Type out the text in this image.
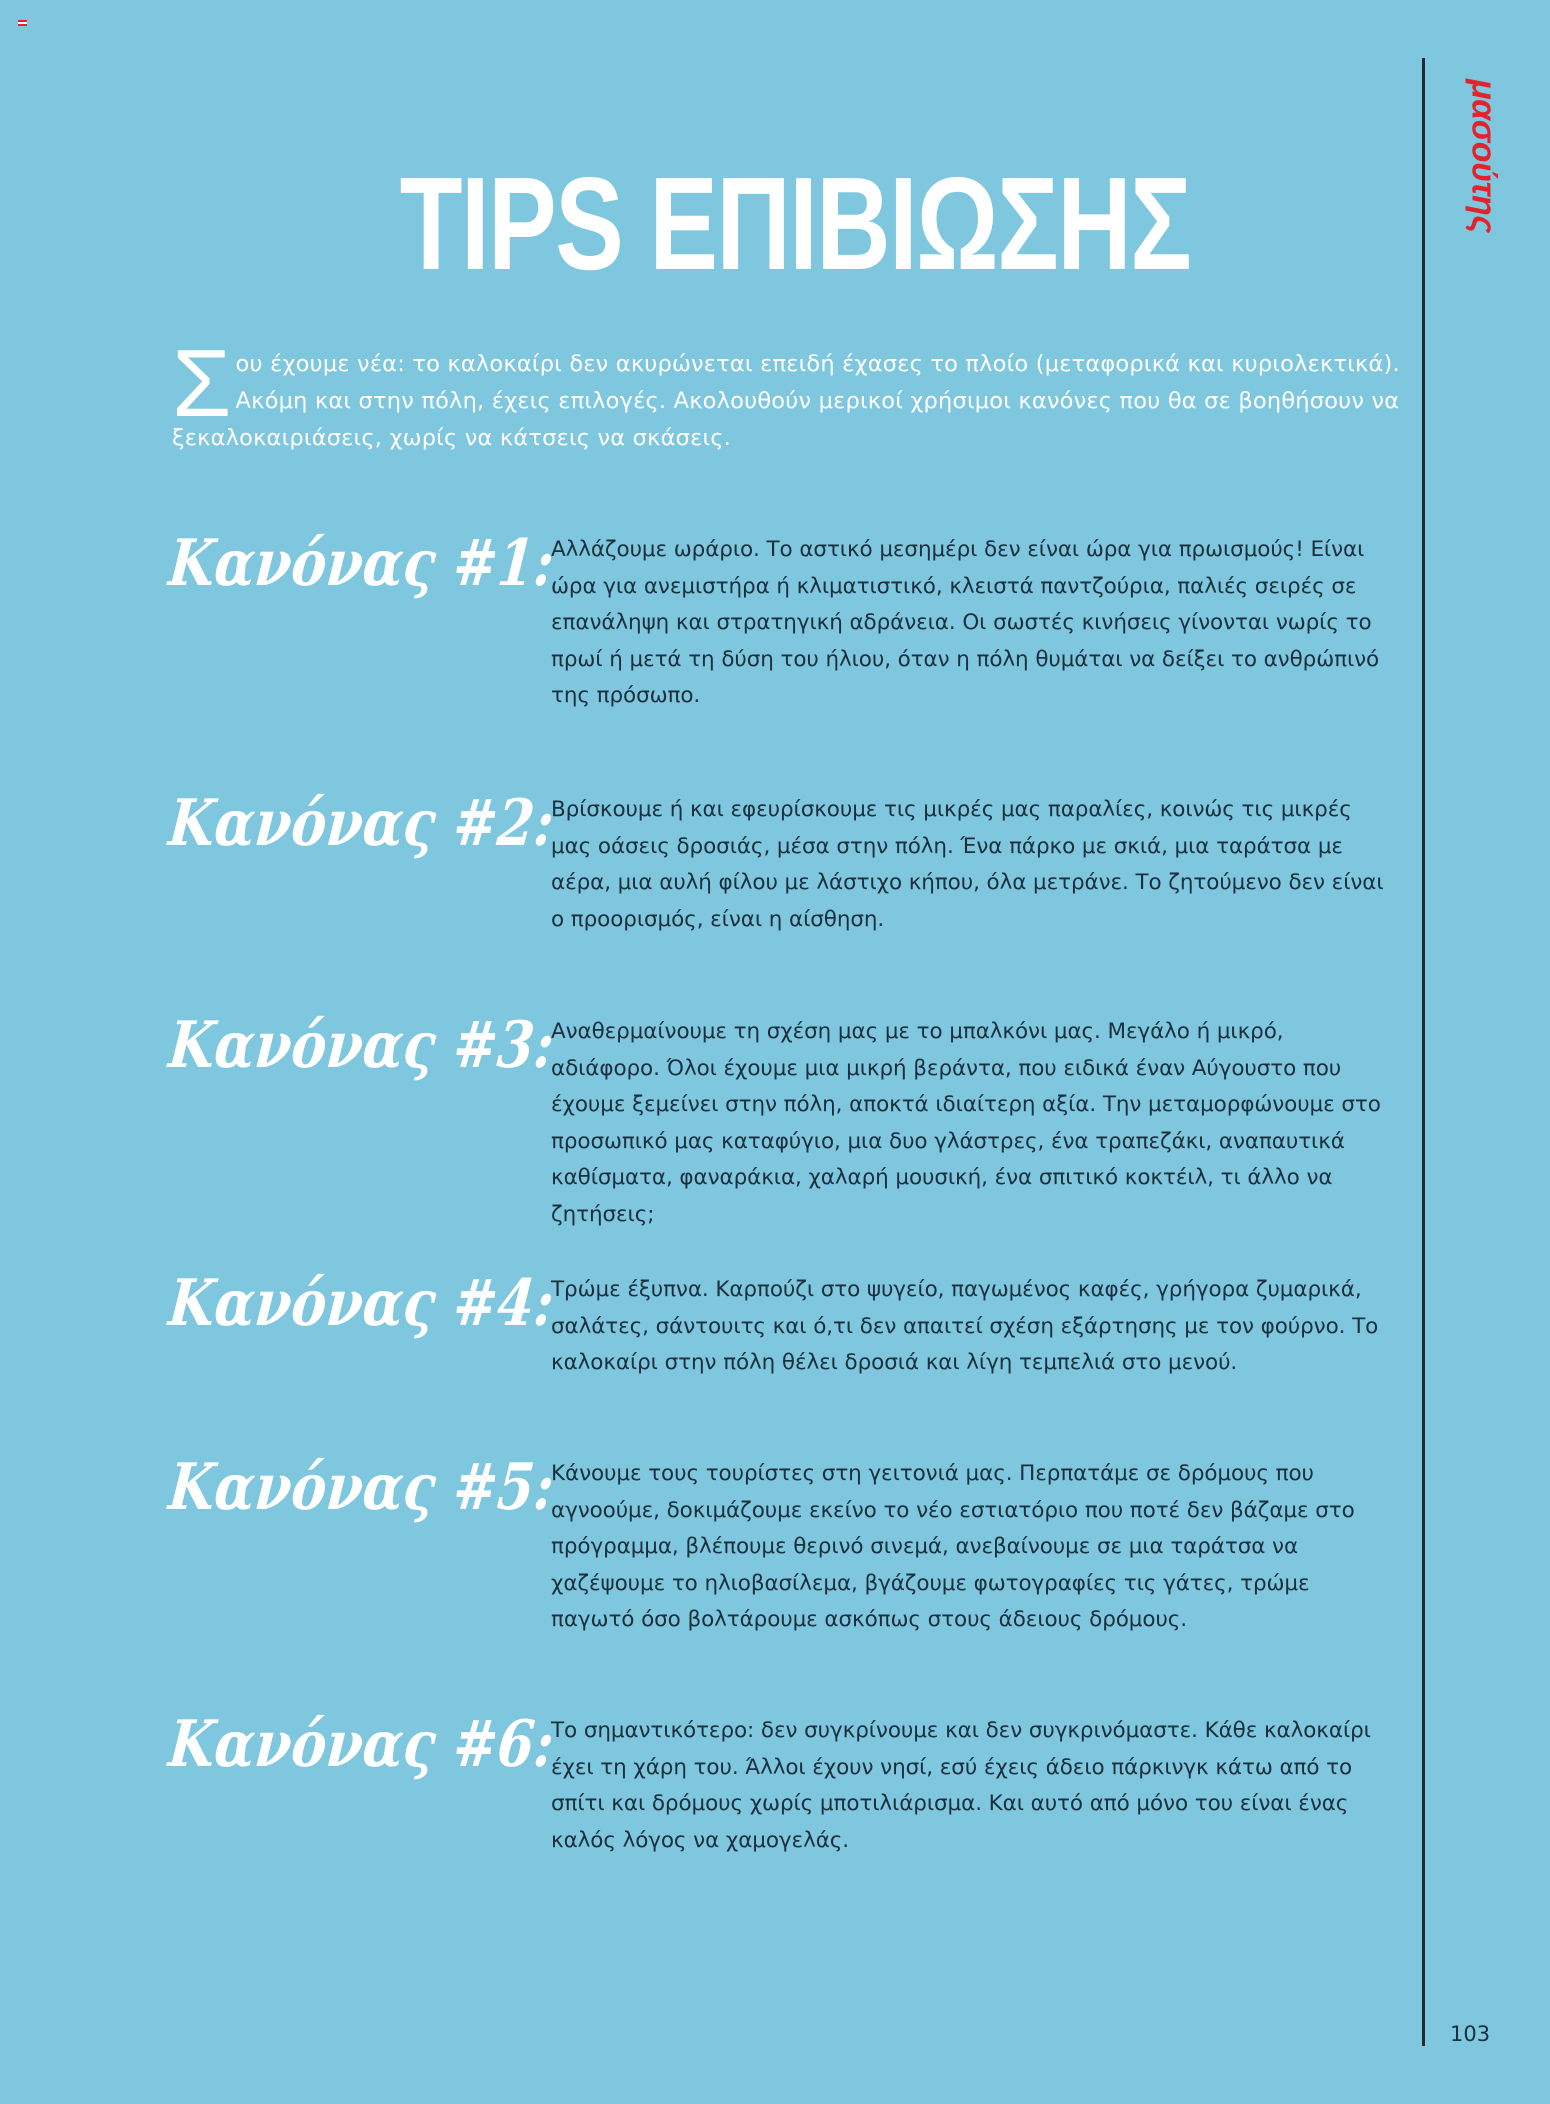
TIPS ΕΠΙΒΙΩΣΗΣ
Σ ου έχουμε νέα: το καλοκαίρι δεν ακυρώνεται επειδή έχασες το πλοίο (μεταφορικά και κυριολεκτικά). Ακόμη και στην πόλη, έχεις επιλογές. Ακολουθούν μερικοί χρήσιμοι κανόνες που θα σε βοηθήσουν να ξεκαλοκαιριάσεις, χωρίς να κάτσεις να σκάσεις.
Κανόνας #1:
Αλλάζουμε ωράριο. Το αστικό μεσημέρι δεν είναι ώρα για πρωισμούς! Είναι ώρα για ανεμιστήρα ή κλιματιστικό, κλειστά παντζούρια, παλιές σειρές σε επανάληψη και στρατηγική αδράνεια. Οι σωστές κινήσεις γίνονται νωρίς το πρωί ή μετά τη δύση του ήλιου, όταν η πόλη θυμάται να δείξει το ανθρώπινό της πρόσωπο.
Κανόνας #2:
Βρίσκουμε ή και εφευρίσκουμε τις μικρές μας παραλίες, κοινώς τις μικρές μας οάσεις δροσιάς, μέσα στην πόλη. Ένα πάρκο με σκιά, μια ταράτσα με αέρα, μια αυλή φίλου με λάστιχο κήπου, όλα μετράνε. Το ζητούμενο δεν είναι ο προορισμός, είναι η αίσθηση.
Κανόνας #3:
Αναθερμαίνουμε τη σχέση μας με το μπαλκόνι μας. Μεγάλο ή μικρό, αδιάφορο. Όλοι έχουμε μια μικρή βεράντα, που ειδικά έναν Αύγουστο που έχουμε ξεμείνει στην πόλη, αποκτά ιδιαίτερη αξία. Την μεταμορφώνουμε στο προσωπικό μας καταφύγιο, μια δυο γλάστρες, ένα τραπεζάκι, αναπαυτικά καθίσματα, φαναράκια, χαλαρή μουσική, ένα σπιτικό κοκτέιλ, τι άλλο να ζητήσεις;
Κανόνας #4:
Τρώμε έξυπνα. Καρπούζι στο ψυγείο, παγωμένος καφές, γρήγορα ζυμαρικά, σαλάτες, σάντουιτς και ό,τι δεν απαιτεί σχέση εξάρτησης με τον φούρνο. Το καλοκαίρι στην πόλη θέλει δροσιά και λίγη τεμπελιά στο μενού.
Κανόνας #5:
Κάνουμε τους τουρίστες στη γειτονιά μας. Περπατάμε σε δρόμους που αγνοούμε, δοκιμάζουμε εκείνο το νέο εστιατόριο που ποτέ δεν βάζαμε στο πρόγραμμα, βλέπουμε θερινό σινεμά, ανεβαίνουμε σε μια ταράτσα να χαζέψουμε το ηλιοβασίλεμα, βγάζουμε φωτογραφίες τις γάτες, τρώμε παγωτό όσο βολτάρουμε ασκόπως στους άδειους δρόμους.
Κανόνας #6:
Το σημαντικότερο: δεν συγκρίνουμε και δεν συγκρινόμαστε. Κάθε καλοκαίρι έχει τη χάρη του. Άλλοι έχουν νησί, εσύ έχεις άδειο πάρκινγκ κάτω από το σπίτι και δρόμους χωρίς μποτιλιάρισμα. Και αυτό από μόνο του είναι ένας καλός λόγος να χαμογελάς.
μασούτης
103
